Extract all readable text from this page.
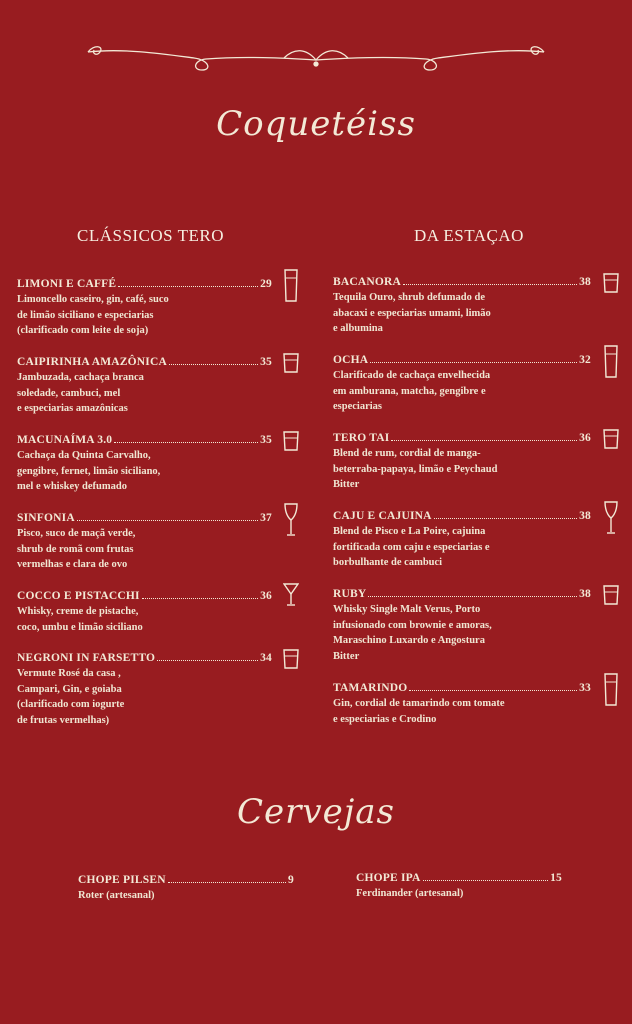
Coquetéiss
CLÁSSICOS TERO	DA ESTAÇAO
LIMONI E CAFFÉ	29
Limoncello caseiro, gin, café, suco
de limão siciliano e especiarias
(clarificado com leite de soja)
CAIPIRINHA AMAZÔNICA	35
Jambuzada, cachaça branca
soledade, cambuci, mel
e especiarias amazônicas
MACUNAÍMA 3.0	35
Cachaça da Quinta Carvalho,
gengibre, fernet, limão siciliano,
mel e whiskey defumado
SINFONIA	37
Pisco, suco de maçã verde,
shrub de romã com frutas
vermelhas e clara de ovo
COCCO E PISTACCHI	36
Whisky, creme de pistache,
coco, umbu e limão siciliano
NEGRONI IN FARSETTO	34
Vermute Rosé da casa ,
Campari, Gin, e goiaba
(clarificado com iogurte
de frutas vermelhas)
BACANORA	38
Tequila Ouro, shrub defumado de
abacaxi e especiarias umami, limão
e albumina
OCHA	32
Clarificado de cachaça envelhecida
em amburana, matcha, gengibre e
especiarias
TERO TAI	36
Blend de rum, cordial de manga-
beterraba-papaya, limão e Peychaud
Bitter
CAJU E CAJUINA	38
Blend de Pisco e La Poire, cajuina
fortificada com caju e especiarias e
borbulhante de cambuci
RUBY	38
Whisky Single Malt Verus, Porto
infusionado com brownie e amoras,
Maraschino Luxardo e Angostura
Bitter
TAMARINDO	33
Gin, cordial de tamarindo com tomate
e especiarias e Crodino
Cervejas
CHOPE PILSEN	9
Roter (artesanal)
CHOPE IPA	15
Ferdinander (artesanal)
